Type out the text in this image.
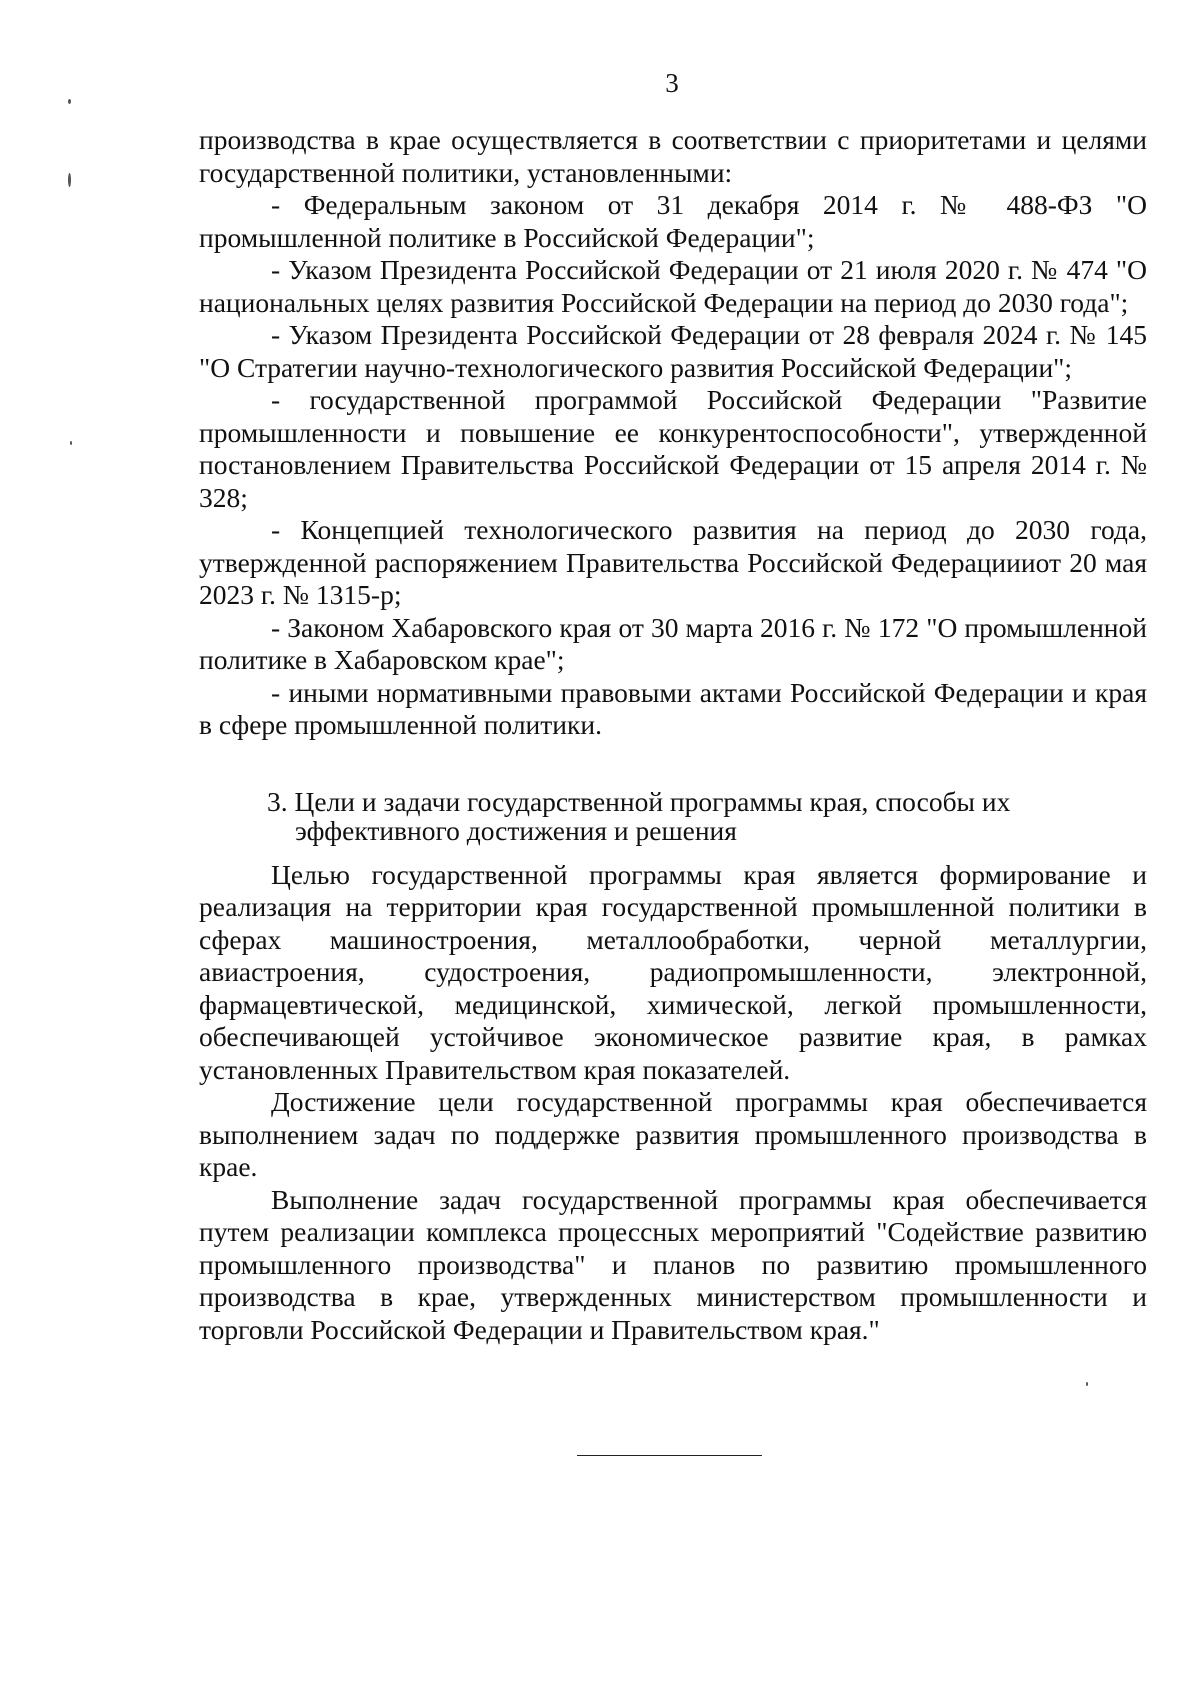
3

производства в крае осуществляется в соответствии с приоритетами и целями государственной политики, установленными:

- Федеральным законом от 31 декабря 2014 г. № 488-ФЗ "О промышленной политике в Российской Федерации";

- Указом Президента Российской Федерации от 21 июля 2020 г. № 474 "О национальных целях развития Российской Федерации на период до 2030 года";

- Указом Президента Российской Федерации от 28 февраля 2024 г. № 145 "О Стратегии научно-технологического развития Российской Федерации";

- государственной программой Российской Федерации "Развитие промышленности и повышение ее конкурентоспособности", утвержденной постановлением Правительства Российской Федерации от 15 апреля 2014 г. № 328;

- Концепцией технологического развития на период до 2030 года, утвержденной распоряжением Правительства Российской Федерациииот 20 мая 2023 г. № 1315-р;

- Законом Хабаровского края от 30 марта 2016 г. № 172 "О промышленной политике в Хабаровском крае";

- иными нормативными правовыми актами Российской Федерации и края в сфере промышленной политики.

3. Цели и задачи государственной программы края, способы их
эффективного достижения и решения

Целью государственной программы края является формирование и реализация на территории края государственной промышленной политики в сферах машиностроения, металлообработки, черной металлургии, авиастроения, судостроения, радиопромышленности, электронной, фармацевтической, медицинской, химической, легкой промышленности, обеспечивающей устойчивое экономическое развитие края, в рамках установленных Правительством края показателей.

Достижение цели государственной программы края обеспечивается выполнением задач по поддержке развития промышленного производства в крае.

Выполнение задач государственной программы края обеспечивается путем реализации комплекса процессных мероприятий "Содействие развитию промышленного производства" и планов по развитию промышленного производства в крае, утвержденных министерством промышленности и торговли Российской Федерации и Правительством края."
